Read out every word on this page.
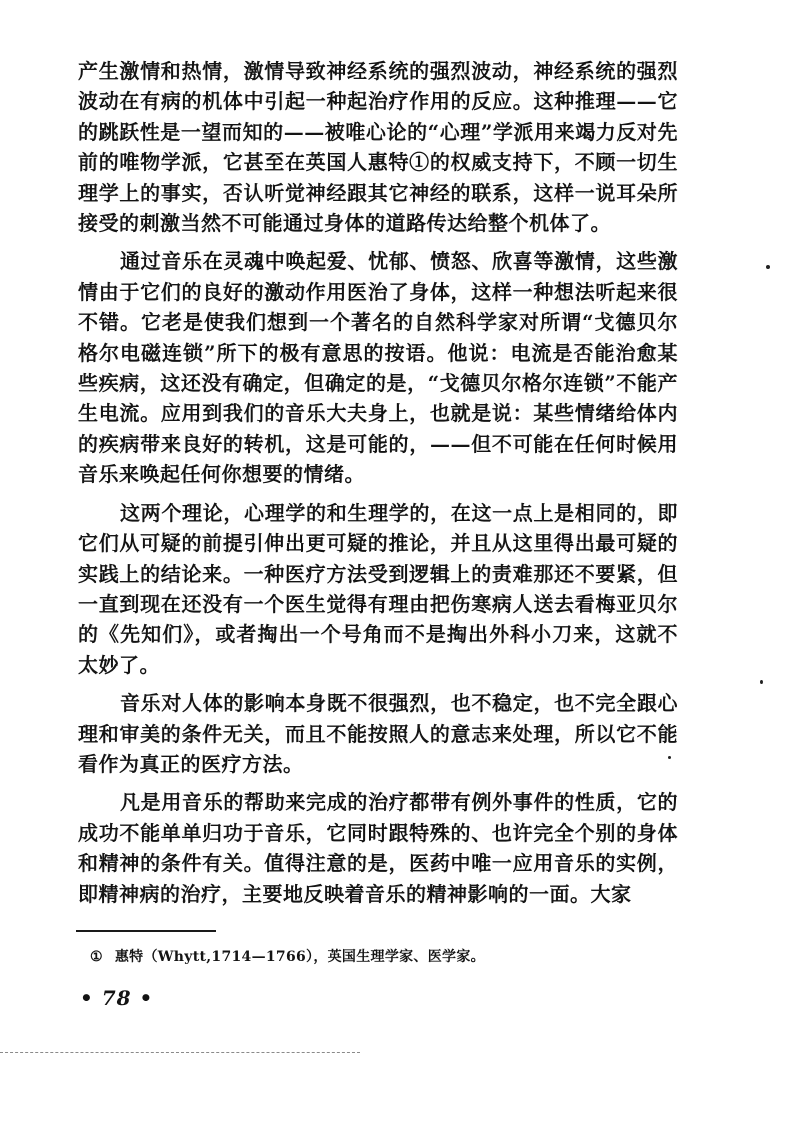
产生激情和热情，激情导致神经系统的强烈波动，神经系统的强烈波动在有病的机体中引起一种起治疗作用的反应。这种推理——它的跳跃性是一望而知的——被唯心论的“心理”学派用来竭力反对先前的唯物学派，它甚至在英国人惠特①的权威支持下，不顾一切生理学上的事实，否认听觉神经跟其它神经的联系，这样一说耳朵所接受的刺激当然不可能通过身体的道路传达给整个机体了。

通过音乐在灵魂中唤起爱、忧郁、愤怒、欣喜等激情，这些激情由于它们的良好的激动作用医治了身体，这样一种想法听起来很不错。它老是使我们想到一个著名的自然科学家对所谓“戈德贝尔格尔电磁连锁”所下的极有意思的按语。他说：电流是否能治愈某些疾病，这还没有确定，但确定的是，“戈德贝尔格尔连锁”不能产生电流。应用到我们的音乐大夫身上，也就是说：某些情绪给体内的疾病带来良好的转机，这是可能的，——但不可能在任何时候用音乐来唤起任何你想要的情绪。

这两个理论，心理学的和生理学的，在这一点上是相同的，即它们从可疑的前提引伸出更可疑的推论，并且从这里得出最可疑的实践上的结论来。一种医疗方法受到逻辑上的责难那还不要紧，但一直到现在还没有一个医生觉得有理由把伤寒病人送去看梅亚贝尔的《先知们》，或者掏出一个号角而不是掏出外科小刀来，这就不太妙了。

音乐对人体的影响本身既不很强烈，也不稳定，也不完全跟心理和审美的条件无关，而且不能按照人的意志来处理，所以它不能看作为真正的医疗方法。

凡是用音乐的帮助来完成的治疗都带有例外事件的性质，它的成功不能单单归功于音乐，它同时跟特殊的、也许完全个别的身体和精神的条件有关。值得注意的是，医药中唯一应用音乐的实例，即精神病的治疗，主要地反映着音乐的精神影响的一面。大家

① 惠特（Whytt,1714—1766），英国生理学家、医学家。
• 78 •
